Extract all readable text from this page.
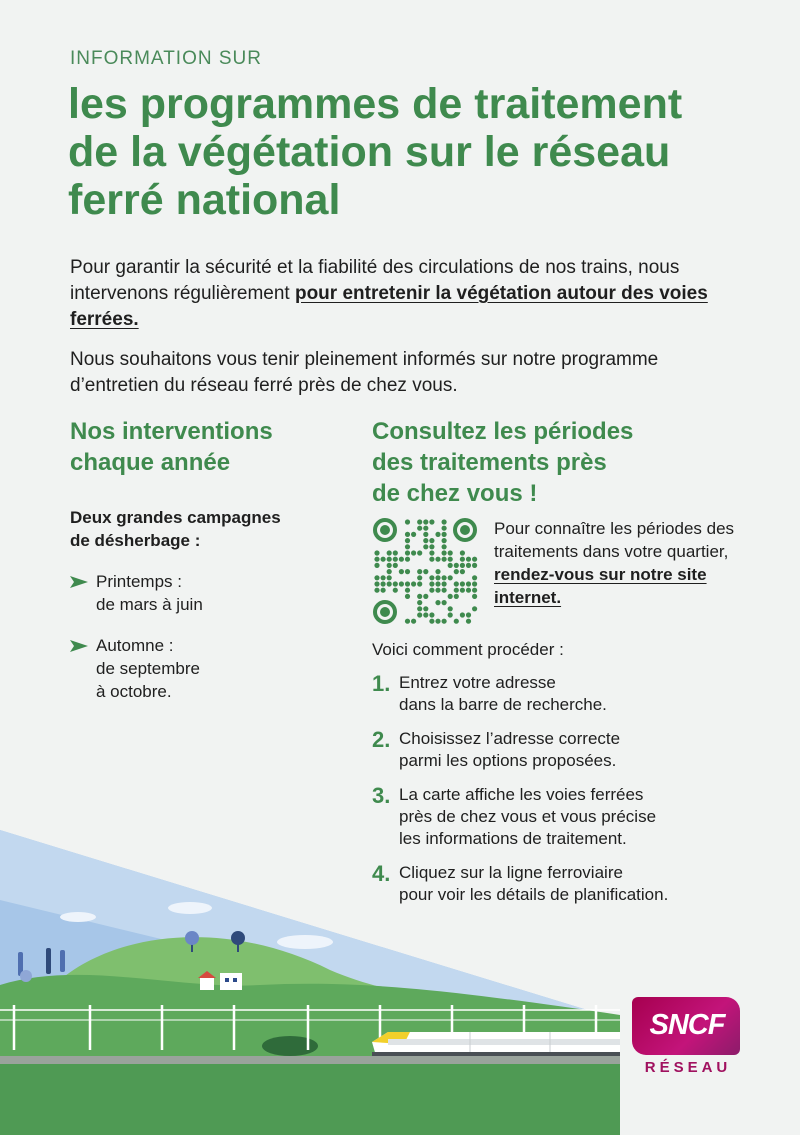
INFORMATION SUR
les programmes de traitement
de la végétation sur le réseau
ferré national

Pour garantir la sécurité et la fiabilité des circulations de nos trains, nous intervenons régulièrement pour entretenir la végétation autour des voies ferrées.

Nous souhaitons vous tenir pleinement informés sur notre programme d’entretien du réseau ferré près de chez vous.

Nos interventions
chaque année
Deux grandes campagnes
de désherbage :
Printemps :
de mars à juin
Automne :
de septembre
à octobre.
Consultez les périodes
des traitements près
de chez vous !
Pour connaître les périodes des traitements dans votre quartier, rendez-vous sur notre site internet.
Voici comment procéder :
1. Entrez votre adresse
dans la barre de recherche.
2. Choisissez l’adresse correcte
parmi les options proposées.
3. La carte affiche les voies ferrées
près de chez vous et vous précise
les informations de traitement.
4. Cliquez sur la ligne ferroviaire
pour voir les détails de planification.
SNCF
RÉSEAU
